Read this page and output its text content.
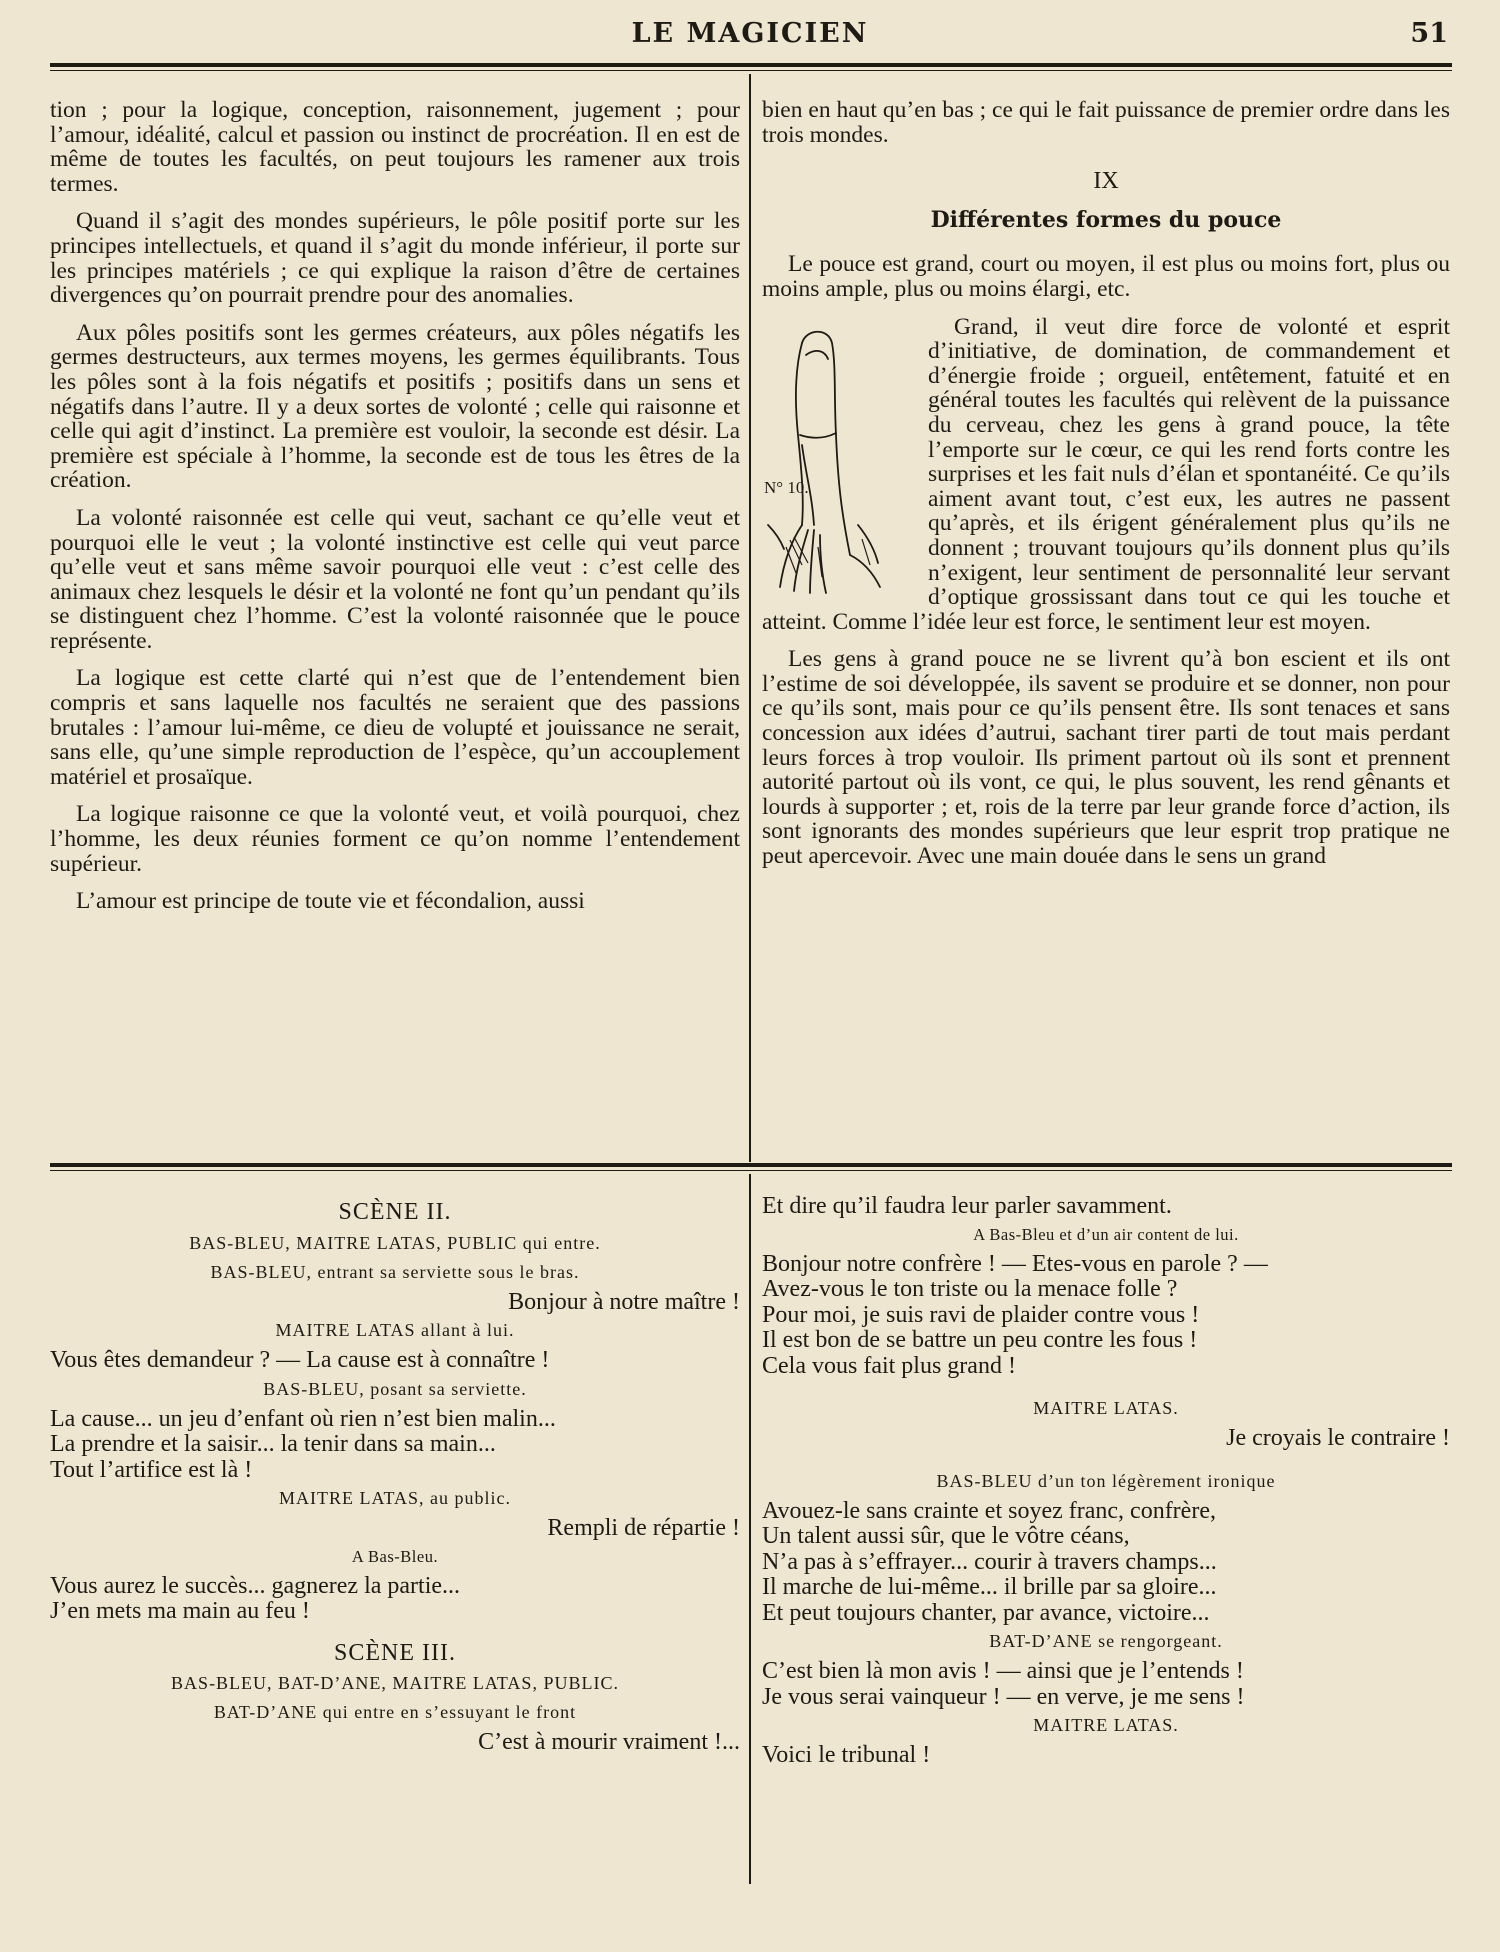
LE MAGICIEN	51

tion ; pour la logique, conception, raisonnement, jugement ; pour l’amour, idéalité, calcul et passion ou instinct de procréation. Il en est de même de toutes les facultés, on peut toujours les ramener aux trois termes.

Quand il s’agit des mondes supérieurs, le pôle positif porte sur les principes intellectuels, et quand il s’agit du monde inférieur, il porte sur les principes matériels ; ce qui explique la raison d’être de certaines divergences qu’on pourrait prendre pour des anomalies.

Aux pôles positifs sont les germes créateurs, aux pôles négatifs les germes destructeurs, aux termes moyens, les germes équilibrants. Tous les pôles sont à la fois négatifs et positifs ; positifs dans un sens et négatifs dans l’autre. Il y a deux sortes de volonté ; celle qui raisonne et celle qui agit d’instinct. La première est vouloir, la seconde est désir. La première est spéciale à l’homme, la seconde est de tous les êtres de la création.

La volonté raisonnée est celle qui veut, sachant ce qu’elle veut et pourquoi elle le veut ; la volonté instinctive est celle qui veut parce qu’elle veut et sans même savoir pourquoi elle veut : c’est celle des animaux chez lesquels le désir et la volonté ne font qu’un pendant qu’ils se distinguent chez l’homme. C’est la volonté raisonnée que le pouce représente.

La logique est cette clarté qui n’est que de l’entendement bien compris et sans laquelle nos facultés ne seraient que des passions brutales : l’amour lui-même, ce dieu de volupté et jouissance ne serait, sans elle, qu’une simple reproduction de l’espèce, qu’un accouplement matériel et prosaïque.

La logique raisonne ce que la volonté veut, et voilà pourquoi, chez l’homme, les deux réunies forment ce qu’on nomme l’entendement supérieur.

L’amour est principe de toute vie et fécondalion, aussi

bien en haut qu’en bas ; ce qui le fait puissance de premier ordre dans les trois mondes.

IX
Différentes formes du pouce

Le pouce est grand, court ou moyen, il est plus ou moins fort, plus ou moins ample, plus ou moins élargi, etc.

N° 10.

Grand, il veut dire force de volonté et esprit d’initiative, de domination, de commandement et d’énergie froide ; orgueil, entêtement, fatuité et en général toutes les facultés qui relèvent de la puissance du cerveau, chez les gens à grand pouce, la tête l’emporte sur le cœur, ce qui les rend forts contre les surprises et les fait nuls d’élan et spontanéité. Ce qu’ils aiment avant tout, c’est eux, les autres ne passent qu’après, et ils érigent généralement plus qu’ils ne donnent ; trouvant toujours qu’ils donnent plus qu’ils n’exigent, leur sentiment de personnalité leur servant d’optique grossissant dans tout ce qui les touche et atteint. Comme l’idée leur est force, le sentiment leur est moyen.

Les gens à grand pouce ne se livrent qu’à bon escient et ils ont l’estime de soi développée, ils savent se produire et se donner, non pour ce qu’ils sont, mais pour ce qu’ils pensent être. Ils sont tenaces et sans concession aux idées d’autrui, sachant tirer parti de tout mais perdant leurs forces à trop vouloir. Ils priment partout où ils sont et prennent autorité partout où ils vont, ce qui, le plus souvent, les rend gênants et lourds à supporter ; et, rois de la terre par leur grande force d’action, ils sont ignorants des mondes supérieurs que leur esprit trop pratique ne peut apercevoir. Avec une main douée dans le sens un grand

SCÈNE II.
BAS-BLEU, MAITRE LATAS, PUBLIC qui entre.
BAS-BLEU, entrant sa serviette sous le bras.

Bonjour à notre maître !

MAITRE LATAS allant à lui.

Vous êtes demandeur ? — La cause est à connaître !

BAS-BLEU, posant sa serviette.

La cause... un jeu d’enfant où rien n’est bien malin...

La prendre et la saisir... la tenir dans sa main...

Tout l’artifice est là !

MAITRE LATAS, au public.

Rempli de répartie !

A Bas-Bleu.

Vous aurez le succès... gagnerez la partie...

J’en mets ma main au feu !

SCÈNE III.
BAS-BLEU, BAT-D’ANE, MAITRE LATAS, PUBLIC.
BAT-D’ANE qui entre en s’essuyant le front

C’est à mourir vraiment !...

Et dire qu’il faudra leur parler savamment.

A Bas-Bleu et d’un air content de lui.

Bonjour notre confrère ! — Etes-vous en parole ? —

Avez-vous le ton triste ou la menace folle ?

Pour moi, je suis ravi de plaider contre vous !

Il est bon de se battre un peu contre les fous !

Cela vous fait plus grand !

MAITRE LATAS.

Je croyais le contraire !

BAS-BLEU d’un ton légèrement ironique

Avouez-le sans crainte et soyez franc, confrère,

Un talent aussi sûr, que le vôtre céans,

N’a pas à s’effrayer... courir à travers champs...

Il marche de lui-même... il brille par sa gloire...

Et peut toujours chanter, par avance, victoire...

BAT-D’ANE se rengorgeant.

C’est bien là mon avis ! — ainsi que je l’entends !

Je vous serai vainqueur ! — en verve, je me sens !

MAITRE LATAS.

Voici le tribunal !
